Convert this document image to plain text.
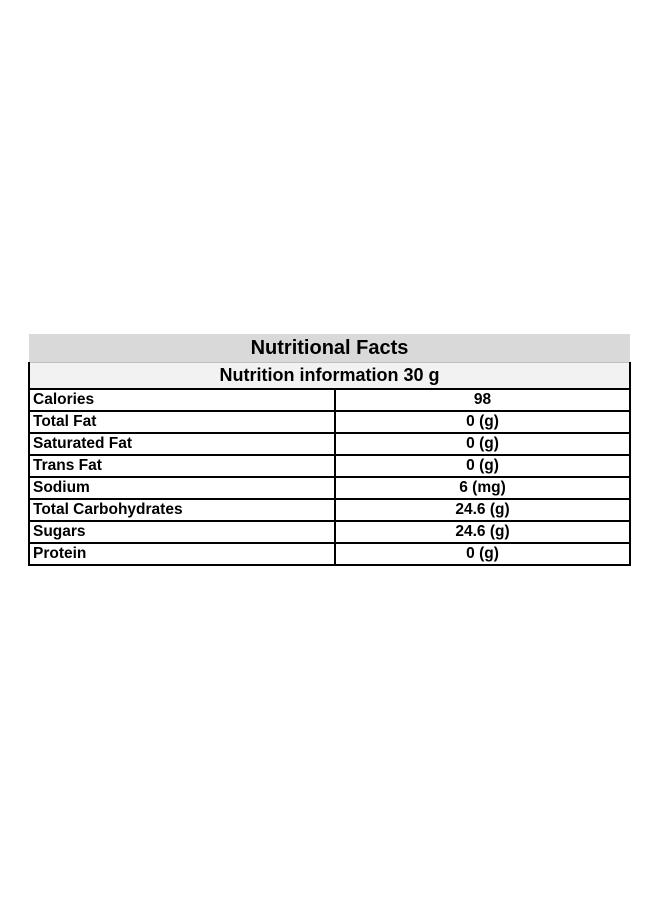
Nutritional Facts	
Nutrition information 30 g	
Calories	98
Total Fat	0 (g)
Saturated Fat	0 (g)
Trans Fat	0 (g)
Sodium	6 (mg)
Total Carbohydrates	24.6 (g)
Sugars	24.6 (g)
Protein	0 (g)
